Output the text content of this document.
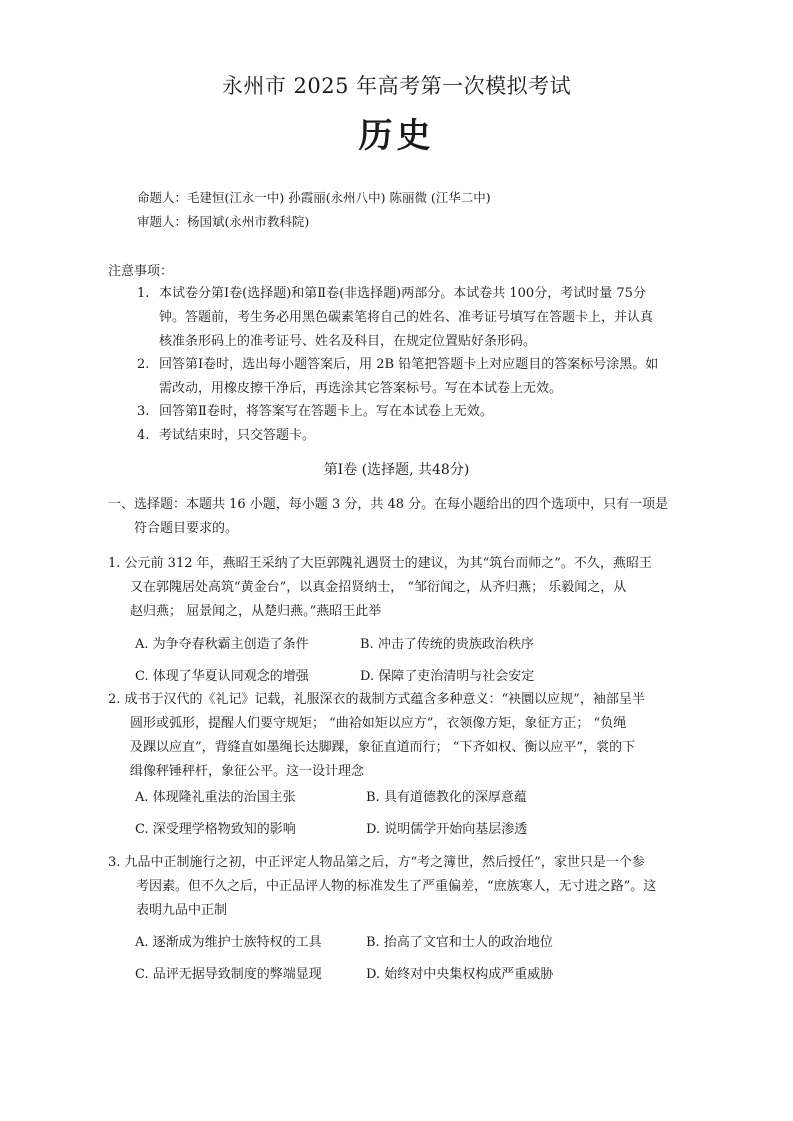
永州市 2025 年高考第一次模拟考试
历史
命题人：毛建恒(江永一中) 孙霞丽(永州八中) 陈丽微 (江华二中)
审题人：杨国斌(永州市教科院)
注意事项：
1. 本试卷分第Ⅰ卷(选择题)和第Ⅱ卷(非选择题)两部分。本试卷共 100分，考试时量 75分
钟。答题前，考生务必用黑色碳素笔将自己的姓名、准考证号填写在答题卡上，并认真
核准条形码上的准考证号、姓名及科目，在规定位置贴好条形码。
2. 回答第Ⅰ卷时，选出每小题答案后，用 2B 铅笔把答题卡上对应题目的答案标号涂黑。如
需改动，用橡皮擦干净后，再选涂其它答案标号。写在本试卷上无效。
3. 回答第Ⅱ卷时，将答案写在答题卡上。写在本试卷上无效。
4. 考试结束时，只交答题卡。
第Ⅰ卷 (选择题, 共48分)
一、选择题：本题共 16 小题，每小题 3 分，共 48 分。在每小题给出的四个选项中，只有一项是
符合题目要求的。
1. 公元前 312 年，燕昭王采纳了大臣郭隗礼遇贤士的建议，为其“筑台而师之”。不久，燕昭王
又在郭隗居处高筑“黄金台”，以真金招贤纳士， “邹衍闻之，从齐归燕； 乐毅闻之，从
赵归燕； 屈景闻之，从楚归燕。”燕昭王此举
A. 为争夺春秋霸主创造了条件	B. 冲击了传统的贵族政治秩序
C. 体现了华夏认同观念的增强	D. 保障了吏治清明与社会安定
2. 成书于汉代的《礼记》记载，礼服深衣的裁制方式蕴含多种意义：“袂圜以应规”，袖部呈半
圆形或弧形，提醒人们要守规矩； “曲袷如矩以应方”，衣领像方矩，象征方正； “负绳
及踝以应直”，背缝直如墨绳长达脚踝，象征直道而行； “下齐如权、衡以应平”，裳的下
缉像秤锤秤杆，象征公平。这一设计理念
A. 体现隆礼重法的治国主张	B. 具有道德教化的深厚意蕴
C. 深受理学格物致知的影响	D. 说明儒学开始向基层渗透
3. 九品中正制施行之初，中正评定人物品第之后，方“考之簿世，然后授任”，家世只是一个参
考因素。但不久之后，中正品评人物的标准发生了严重偏差，“庶族寒人，无寸进之路”。这
表明九品中正制
A. 逐渐成为维护士族特权的工具	B. 抬高了文官和士人的政治地位
C. 品评无据导致制度的弊端显现	D. 始终对中央集权构成严重威胁
